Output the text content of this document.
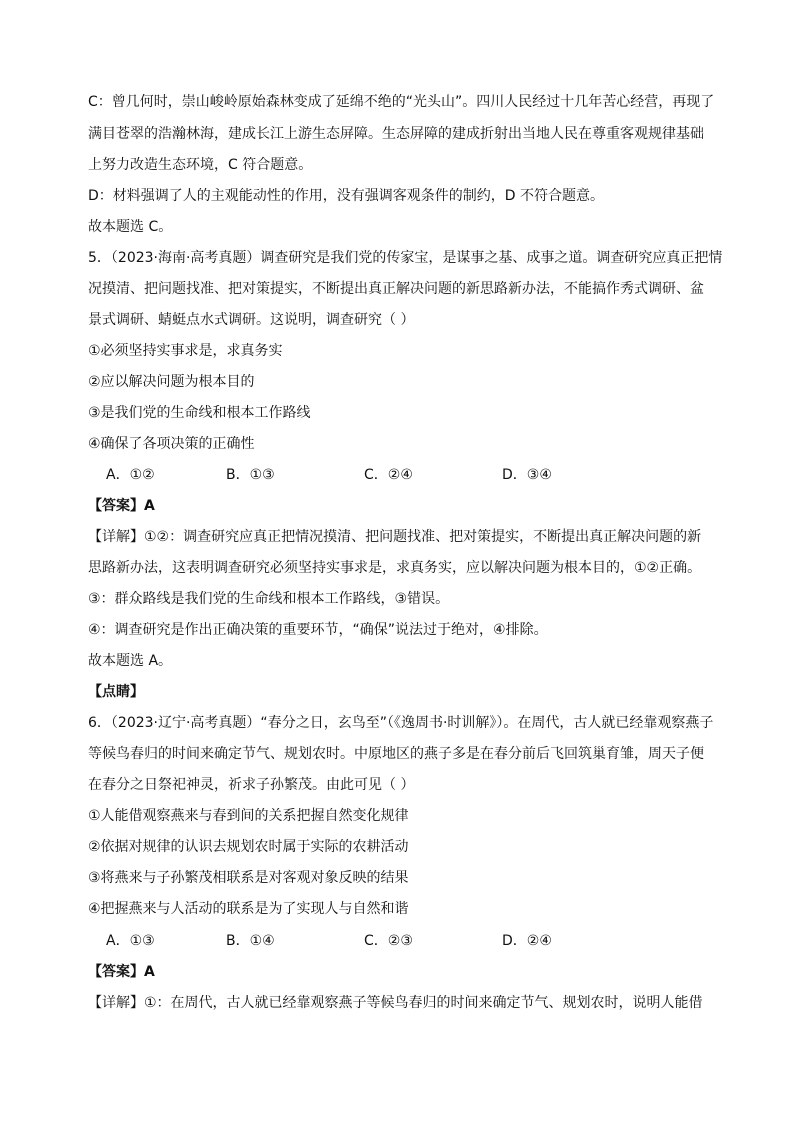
C：曾几何时，崇山峻岭原始森林变成了延绵不绝的“光头山”。四川人民经过十几年苦心经营，再现了
满目苍翠的浩瀚林海，建成长江上游生态屏障。生态屏障的建成折射出当地人民在尊重客观规律基础
上努力改造生态环境，C 符合题意。
D：材料强调了人的主观能动性的作用，没有强调客观条件的制约，D 不符合题意。
故本题选 C。
5．（2023·海南·高考真题）调查研究是我们党的传家宝，是谋事之基、成事之道。调查研究应真正把情
况摸清、把问题找准、把对策提实，不断提出真正解决问题的新思路新办法，不能搞作秀式调研、盆
景式调研、蜻蜓点水式调研。这说明，调查研究（ ）
①必须坚持实事求是，求真务实
②应以解决问题为根本目的
③是我们党的生命线和根本工作路线
④确保了各项决策的正确性
A．①②	B．①③	C．②④	D．③④
【答案】A
【详解】①②：调查研究应真正把情况摸清、把问题找准、把对策提实，不断提出真正解决问题的新
思路新办法，这表明调查研究必须坚持实事求是，求真务实，应以解决问题为根本目的，①②正确。
③：群众路线是我们党的生命线和根本工作路线，③错误。
④：调查研究是作出正确决策的重要环节，“确保”说法过于绝对，④排除。
故本题选 A。
【点睛】
6．（2023·辽宁·高考真题）“春分之日，玄鸟至”（《逸周书·时训解》）。在周代，古人就已经靠观察燕子
等候鸟春归的时间来确定节气、规划农时。中原地区的燕子多是在春分前后飞回筑巢育雏，周天子便
在春分之日祭祀神灵，祈求子孙繁茂。由此可见（ ）
①人能借观察燕来与春到间的关系把握自然变化规律
②依据对规律的认识去规划农时属于实际的农耕活动
③将燕来与子孙繁茂相联系是对客观对象反映的结果
④把握燕来与人活动的联系是为了实现人与自然和谐
A．①③	B．①④	C．②③	D．②④
【答案】A
【详解】①：在周代，古人就已经靠观察燕子等候鸟春归的时间来确定节气、规划农时，说明人能借
